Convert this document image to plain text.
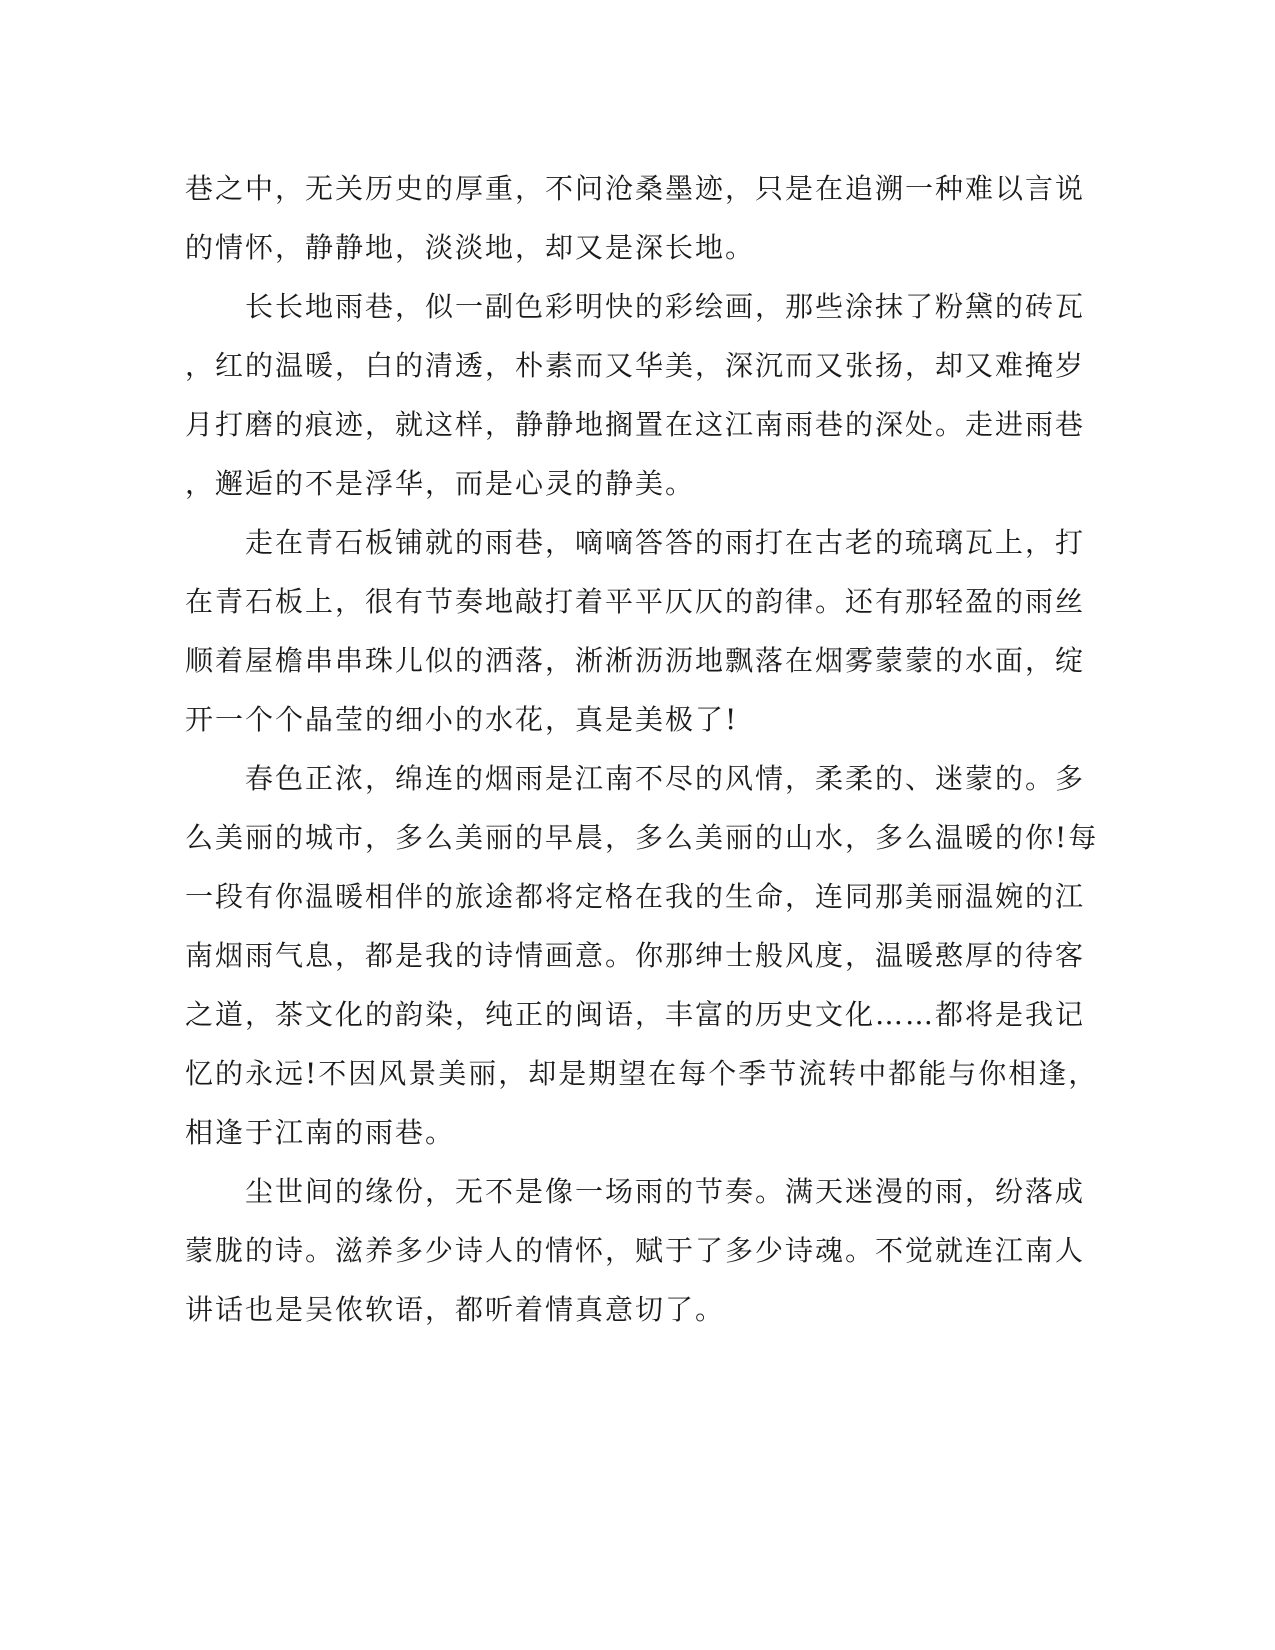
巷之中，无关历史的厚重，不问沧桑墨迹，只是在追溯一种难以言说
的情怀，静静地，淡淡地，却又是深长地。
　　长长地雨巷，似一副色彩明快的彩绘画，那些涂抹了粉黛的砖瓦
，红的温暖，白的清透，朴素而又华美，深沉而又张扬，却又难掩岁
月打磨的痕迹，就这样，静静地搁置在这江南雨巷的深处。走进雨巷
，邂逅的不是浮华，而是心灵的静美。
　　走在青石板铺就的雨巷，嘀嘀答答的雨打在古老的琉璃瓦上，打
在青石板上，很有节奏地敲打着平平仄仄的韵律。还有那轻盈的雨丝
顺着屋檐串串珠儿似的洒落，淅淅沥沥地飘落在烟雾蒙蒙的水面，绽
开一个个晶莹的细小的水花，真是美极了!
　　春色正浓，绵连的烟雨是江南不尽的风情，柔柔的、迷蒙的。多
么美丽的城市，多么美丽的早晨，多么美丽的山水，多么温暖的你!每
一段有你温暖相伴的旅途都将定格在我的生命，连同那美丽温婉的江
南烟雨气息，都是我的诗情画意。你那绅士般风度，温暖憨厚的待客
之道，茶文化的韵染，纯正的闽语，丰富的历史文化……都将是我记
忆的永远!不因风景美丽，却是期望在每个季节流转中都能与你相逢，
相逢于江南的雨巷。
　　尘世间的缘份，无不是像一场雨的节奏。满天迷漫的雨，纷落成
蒙胧的诗。滋养多少诗人的情怀，赋于了多少诗魂。不觉就连江南人
讲话也是吴侬软语，都听着情真意切了。
